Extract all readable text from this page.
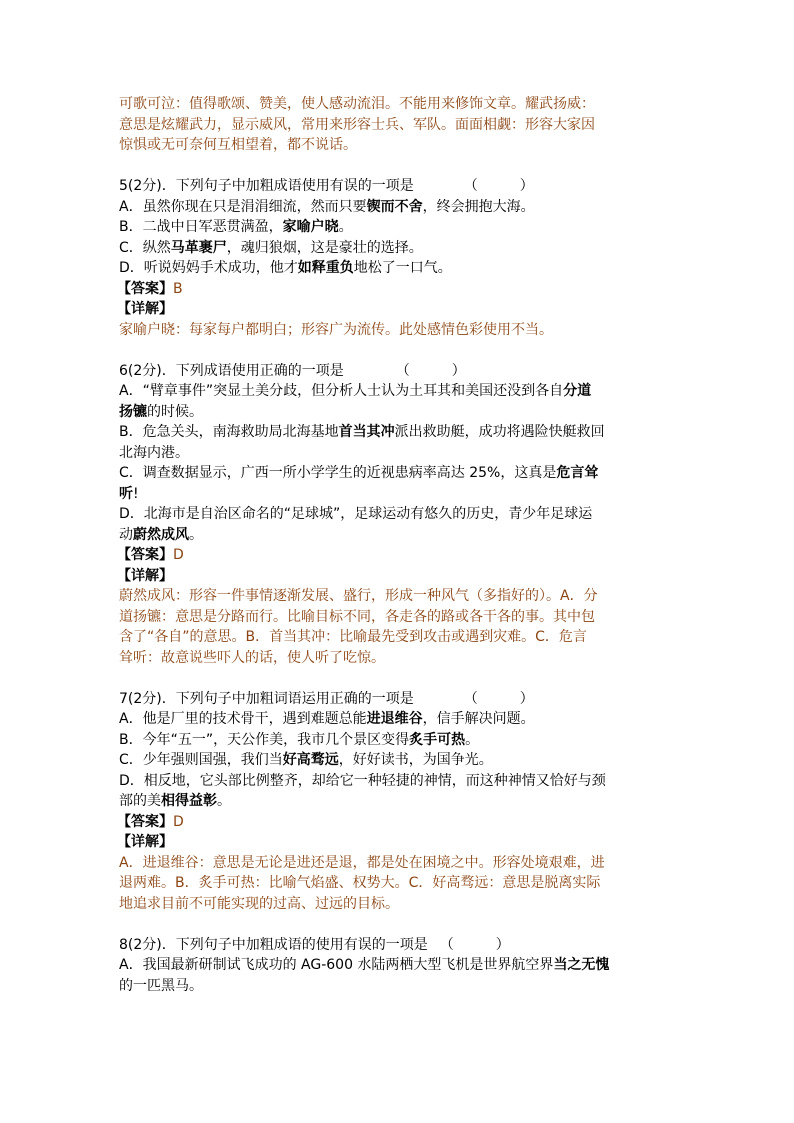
可歌可泣：值得歌颂、赞美，使人感动流泪。不能用来修饰文章。耀武扬威：
意思是炫耀武力，显示威风，常用来形容士兵、军队。面面相觑：形容大家因
惊惧或无可奈何互相望着，都不说话。
5(2分)．下列句子中加粗成语使用有误的一项是	（　　　）
A．虽然你现在只是涓涓细流，然而只要锲而不舍，终会拥抱大海。
B．二战中日军恶贯满盈，家喻户晓。
C．纵然马革裹尸，魂归狼烟，这是豪壮的选择。
D．听说妈妈手术成功，他才如释重负地松了一口气。
【答案】B
【详解】
家喻户晓：每家每户都明白；形容广为流传。此处感情色彩使用不当。
6(2分)．下列成语使用正确的一项是	（　　　）
A．“臂章事件”突显土美分歧，但分析人士认为土耳其和美国还没到各自分道
扬镳的时候。
B．危急关头，南海救助局北海基地首当其冲派出救助艇，成功将遇险快艇救回
北海内港。
C．调查数据显示，广西一所小学学生的近视患病率高达 25%，这真是危言耸
听!
D．北海市是自治区命名的“足球城”，足球运动有悠久的历史，青少年足球运
动蔚然成风。
【答案】D
【详解】
蔚然成风：形容一件事情逐渐发展、盛行，形成一种风气（多指好的）。A．分
道扬镳：意思是分路而行。比喻目标不同，各走各的路或各干各的事。其中包
含了“各自”的意思。B．首当其冲：比喻最先受到攻击或遇到灾难。C．危言
耸听：故意说些吓人的话，使人听了吃惊。
7(2分)．下列句子中加粗词语运用正确的一项是	（　　　）
A．他是厂里的技术骨干，遇到难题总能进退维谷，信手解决问题。
B．今年“五一”，天公作美，我市几个景区变得炙手可热。
C．少年强则国强，我们当好高骛远，好好读书，为国争光。
D．相反地，它头部比例整齐，却给它一种轻捷的神情，而这种神情又恰好与颈
部的美相得益彰。
【答案】D
【详解】
A．进退维谷：意思是无论是进还是退，都是处在困境之中。形容处境艰难，进
退两难。B．炙手可热：比喻气焰盛、权势大。C．好高骛远：意思是脱离实际
地追求目前不可能实现的过高、过远的目标。
8(2分)．下列句子中加粗成语的使用有误的一项是 （　　　）
A．我国最新研制试飞成功的 AG-600 水陆两栖大型飞机是世界航空界当之无愧
的一匹黑马。
